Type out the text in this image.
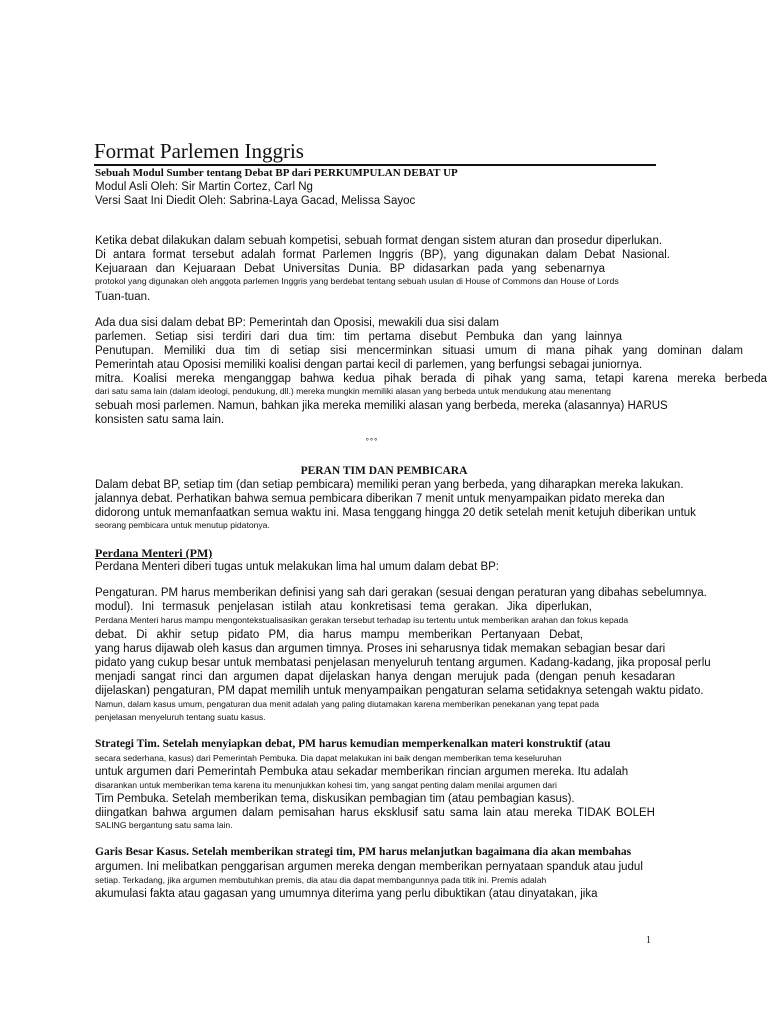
Format Parlemen Inggris
Sebuah Modul Sumber tentang Debat BP dari PERKUMPULAN DEBAT UP
Modul Asli Oleh: Sir Martin Cortez, Carl Ng
Versi Saat Ini Diedit Oleh: Sabrina-Laya Gacad, Melissa Sayoc
Ketika debat dilakukan dalam sebuah kompetisi, sebuah format dengan sistem aturan dan prosedur diperlukan.
Di antara format tersebut adalah format Parlemen Inggris (BP), yang digunakan dalam Debat Nasional.
Kejuaraan dan Kejuaraan Debat Universitas Dunia. BP didasarkan pada yang sebenarnya
protokol yang digunakan oleh anggota parlemen Inggris yang berdebat tentang sebuah usulan di House of Commons dan House of Lords
Tuan-tuan.
Ada dua sisi dalam debat BP: Pemerintah dan Oposisi, mewakili dua sisi dalam
parlemen. Setiap sisi terdiri dari dua tim: tim pertama disebut Pembuka dan yang lainnya
Penutupan. Memiliki dua tim di setiap sisi mencerminkan situasi umum di mana pihak yang dominan dalam
Pemerintah atau Oposisi memiliki koalisi dengan partai kecil di parlemen, yang berfungsi sebagai juniornya.
mitra. Koalisi mereka menganggap bahwa kedua pihak berada di pihak yang sama, tetapi karena mereka berbeda
dari satu sama lain (dalam ideologi, pendukung, dll.) mereka mungkin memiliki alasan yang berbeda untuk mendukung atau menentang
sebuah mosi parlemen. Namun, bahkan jika mereka memiliki alasan yang berbeda, mereka (alasannya) HARUS
konsisten satu sama lain.
°°°
PERAN TIM DAN PEMBICARA
Dalam debat BP, setiap tim (dan setiap pembicara) memiliki peran yang berbeda, yang diharapkan mereka lakukan.
jalannya debat. Perhatikan bahwa semua pembicara diberikan 7 menit untuk menyampaikan pidato mereka dan
didorong untuk memanfaatkan semua waktu ini. Masa tenggang hingga 20 detik setelah menit ketujuh diberikan untuk
seorang pembicara untuk menutup pidatonya.
Perdana Menteri (PM)
Perdana Menteri diberi tugas untuk melakukan lima hal umum dalam debat BP:
Pengaturan. PM harus memberikan definisi yang sah dari gerakan (sesuai dengan peraturan yang dibahas sebelumnya.
modul). Ini termasuk penjelasan istilah atau konkretisasi tema gerakan. Jika diperlukan,
Perdana Menteri harus mampu mengontekstualisasikan gerakan tersebut terhadap isu tertentu untuk memberikan arahan dan fokus kepada
debat. Di akhir setup pidato PM, dia harus mampu memberikan Pertanyaan Debat,
yang harus dijawab oleh kasus dan argumen timnya. Proses ini seharusnya tidak memakan sebagian besar dari
pidato yang cukup besar untuk membatasi penjelasan menyeluruh tentang argumen. Kadang-kadang, jika proposal perlu
menjadi sangat rinci dan argumen dapat dijelaskan hanya dengan merujuk pada (dengan penuh kesadaran
dijelaskan) pengaturan, PM dapat memilih untuk menyampaikan pengaturan selama setidaknya setengah waktu pidato.
Namun, dalam kasus umum, pengaturan dua menit adalah yang paling diutamakan karena memberikan penekanan yang tepat pada
penjelasan menyeluruh tentang suatu kasus.
Strategi Tim. Setelah menyiapkan debat, PM harus kemudian memperkenalkan materi konstruktif (atau
secara sederhana, kasus) dari Pemerintah Pembuka. Dia dapat melakukan ini baik dengan memberikan tema keseluruhan
untuk argumen dari Pemerintah Pembuka atau sekadar memberikan rincian argumen mereka. Itu adalah
disarankan untuk memberikan tema karena itu menunjukkan kohesi tim, yang sangat penting dalam menilai argumen dari
Tim Pembuka. Setelah memberikan tema, diskusikan pembagian tim (atau pembagian kasus).
diingatkan bahwa argumen dalam pemisahan harus eksklusif satu sama lain atau mereka TIDAK BOLEH
SALING bergantung satu sama lain.
Garis Besar Kasus. Setelah memberikan strategi tim, PM harus melanjutkan bagaimana dia akan membahas
argumen. Ini melibatkan penggarisan argumen mereka dengan memberikan pernyataan spanduk atau judul
setiap. Terkadang, jika argumen membutuhkan premis, dia atau dia dapat membangunnya pada titik ini. Premis adalah
akumulasi fakta atau gagasan yang umumnya diterima yang perlu dibuktikan (atau dinyatakan, jika
1
